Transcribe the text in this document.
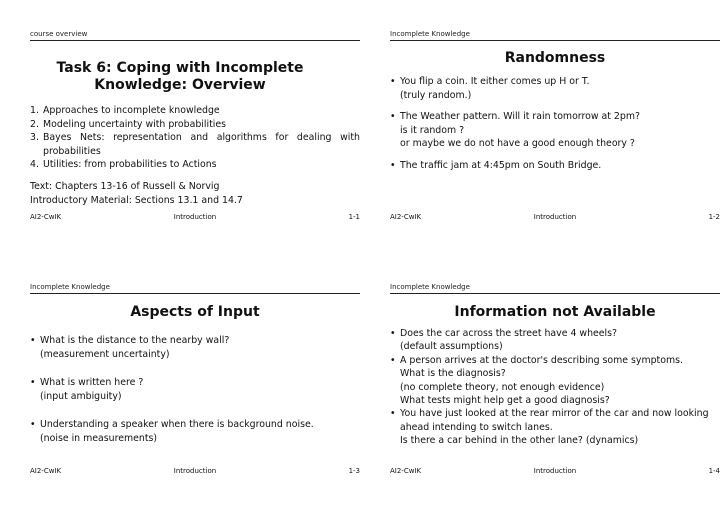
course overview
Task 6: Coping with Incomplete Knowledge: Overview
1. Approaches to incomplete knowledge
2. Modeling uncertainty with probabilities
3. Bayes Nets: representation and algorithms for dealing with probabilities
4. Utilities: from probabilities to Actions
Text: Chapters 13-16 of Russell & Norvig
Introductory Material: Sections 13.1 and 14.7
AI2-CwIK	Introduction	1-1
Incomplete Knowledge
Randomness
• You flip a coin. It either comes up H or T.
(truly random.)
• The Weather pattern. Will it rain tomorrow at 2pm?
is it random ?
or maybe we do not have a good enough theory ?
• The traffic jam at 4:45pm on South Bridge.
AI2-CwIK	Introduction	1-2
Incomplete Knowledge
Aspects of Input
• What is the distance to the nearby wall?
(measurement uncertainty)
• What is written here ?
(input ambiguity)
• Understanding a speaker when there is background noise.
(noise in measurements)
AI2-CwIK	Introduction	1-3
Incomplete Knowledge
Information not Available
• Does the car across the street have 4 wheels?
(default assumptions)
• A person arrives at the doctor's describing some symptoms.
What is the diagnosis?
(no complete theory, not enough evidence)
What tests might help get a good diagnosis?
• You have just looked at the rear mirror of the car and now looking ahead intending to switch lanes.
Is there a car behind in the other lane? (dynamics)
AI2-CwIK	Introduction	1-4
